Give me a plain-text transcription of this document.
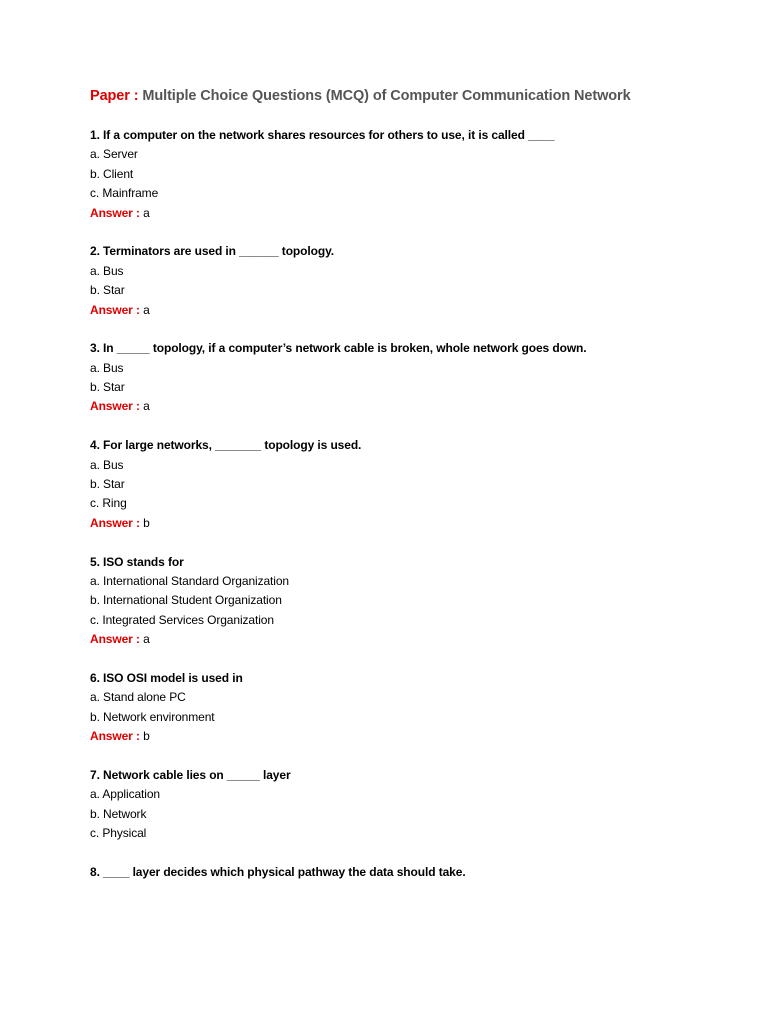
Paper : Multiple Choice Questions (MCQ) of Computer Communication Network
1. If a computer on the network shares resources for others to use, it is called ____
a. Server
b. Client
c. Mainframe
Answer : a
2. Terminators are used in ______ topology.
a. Bus
b. Star
Answer : a
3. In _____ topology, if a computer’s network cable is broken, whole network goes down.
a. Bus
b. Star
Answer : a
4. For large networks, _______ topology is used.
a. Bus
b. Star
c. Ring
Answer : b
5. ISO stands for
a. International Standard Organization
b. International Student Organization
c. Integrated Services Organization
Answer : a
6. ISO OSI model is used in
a. Stand alone PC
b. Network environment
Answer : b
7. Network cable lies on _____ layer
a. Application
b. Network
c. Physical
8. ____ layer decides which physical pathway the data should take.
